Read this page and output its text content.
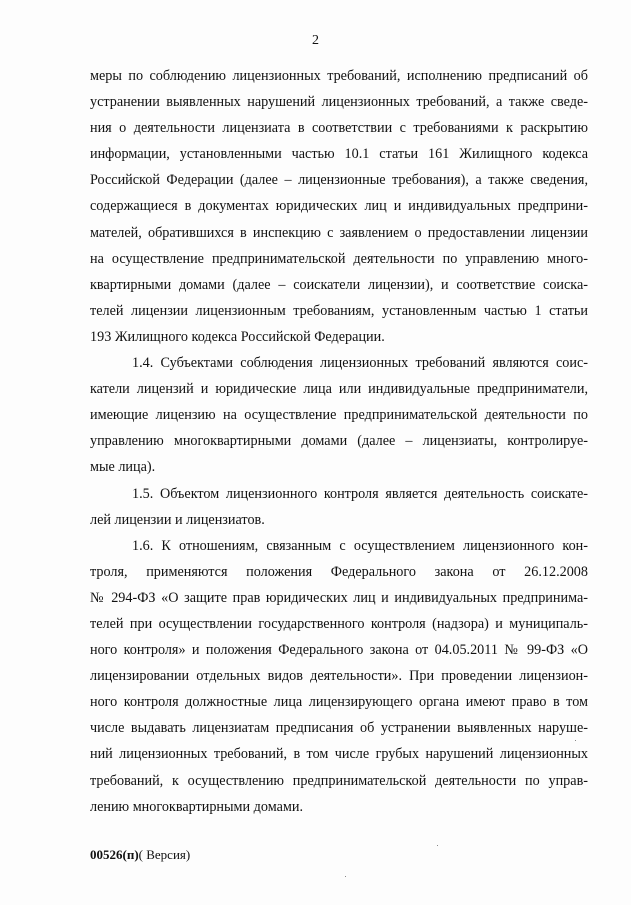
2
меры по соблюдению лицензионных требований, исполнению предписаний об
устранении выявленных нарушений лицензионных требований, а также сведе-
ния о деятельности лицензиата в соответствии с требованиями к раскрытию
информации, установленными частью 10.1 статьи 161 Жилищного кодекса
Российской Федерации (далее – лицензионные требования), а также сведения,
содержащиеся в документах юридических лиц и индивидуальных предприни-
мателей, обратившихся в инспекцию с заявлением о предоставлении лицензии
на осуществление предпринимательской деятельности по управлению много-
квартирными домами (далее – соискатели лицензии), и соответствие соиска-
телей лицензии лицензионным требованиям, установленным частью 1 статьи
193 Жилищного кодекса Российской Федерации.
1.4. Субъектами соблюдения лицензионных требований являются соис-
катели лицензий и юридические лица или индивидуальные предприниматели,
имеющие лицензию на осуществление предпринимательской деятельности по
управлению многоквартирными домами (далее – лицензиаты, контролируе-
мые лица).
1.5. Объектом лицензионного контроля является деятельность соискате-
лей лицензии и лицензиатов.
1.6. К отношениям, связанным с осуществлением лицензионного кон-
троля, применяются положения Федерального закона от 26.12.2008
№ 294-ФЗ «О защите прав юридических лиц и индивидуальных предпринима-
телей при осуществлении государственного контроля (надзора) и муниципаль-
ного контроля» и положения Федерального закона от 04.05.2011 № 99-ФЗ «О
лицензировании отдельных видов деятельности». При проведении лицензион-
ного контроля должностные лица лицензирующего органа имеют право в том
числе выдавать лицензиатам предписания об устранении выявленных наруше-
ний лицензионных требований, в том числе грубых нарушений лицензионных
требований, к осуществлению предпринимательской деятельности по управ-
лению многоквартирными домами.
00526(п)( Версия)
